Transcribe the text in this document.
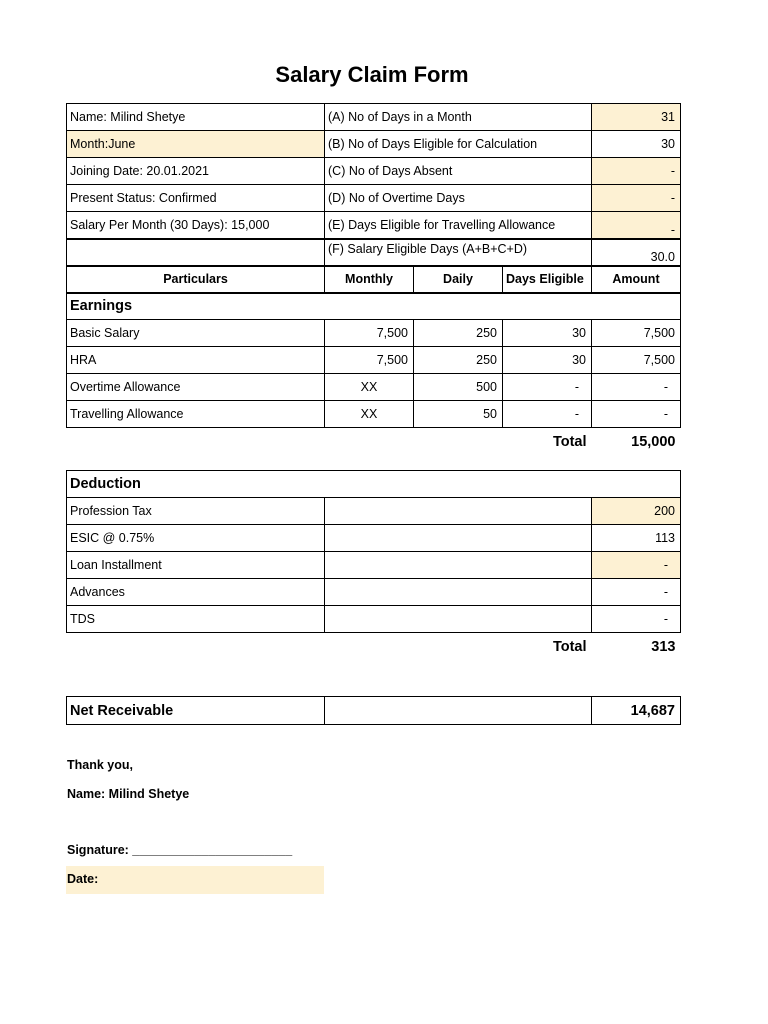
Salary Claim Form
Name: Milind Shetye	(A) No of Days in a Month			31
Month:June	(B) No of Days Eligible for Calculation			30
Joining Date: 20.01.2021	(C) No of Days Absent			-
Present Status: Confirmed	(D) No of Overtime Days			-
Salary Per Month (30 Days): 15,000	(E) Days Eligible for Travelling Allowance			-
	(F) Salary Eligible Days (A+B+C+D)			30.0
Particulars	Monthly	Daily	Days Eligible	Amount
Earnings				
Basic Salary	7,500	250	30	7,500
HRA	7,500	250	30	7,500
Overtime Allowance	XX	500	-	-
Travelling Allowance	XX	50	-	-
			Total	15,000
Deduction		
Profession Tax		200
ESIC @ 0.75%		113
Loan Installment		-
Advances		-
TDS		-
	Total	313
Net Receivable		14,687
Thank you,
Name: Milind Shetye
Signature: _______________________
Date:
